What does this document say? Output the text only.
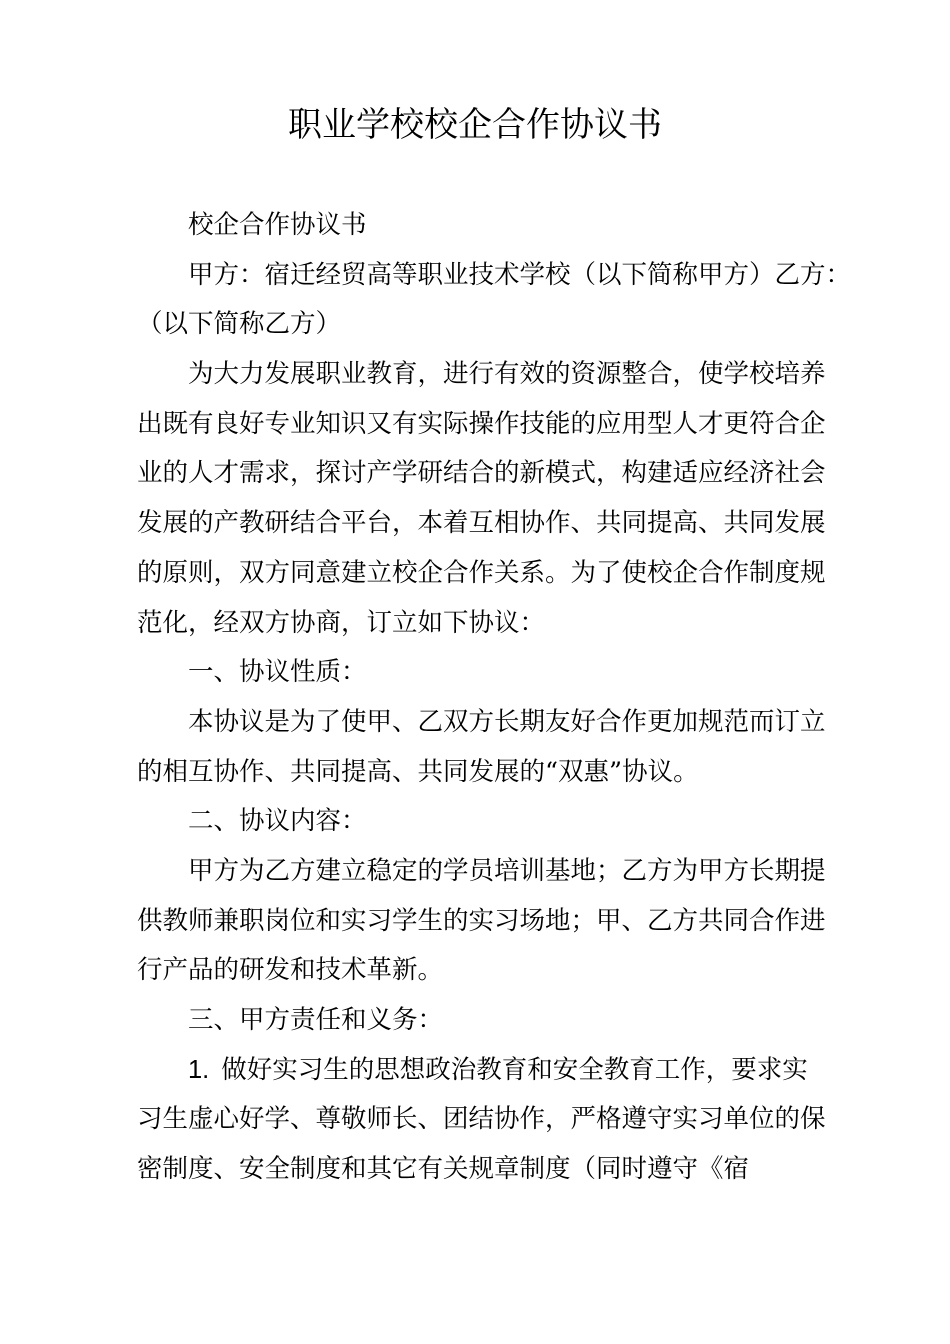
职业学校校企合作协议书
校企合作协议书
甲方：宿迁经贸高等职业技术学校（以下简称甲方）乙方：
（以下简称乙方）
为大力发展职业教育，进行有效的资源整合，使学校培养
出既有良好专业知识又有实际操作技能的应用型人才更符合企
业的人才需求，探讨产学研结合的新模式，构建适应经济社会
发展的产教研结合平台，本着互相协作、共同提高、共同发展
的原则，双方同意建立校企合作关系。为了使校企合作制度规
范化，经双方协商，订立如下协议：
一、协议性质：
本协议是为了使甲、乙双方长期友好合作更加规范而订立
的相互协作、共同提高、共同发展的“双惠”协议。
二、协议内容：
甲方为乙方建立稳定的学员培训基地；乙方为甲方长期提
供教师兼职岗位和实习学生的实习场地；甲、乙方共同合作进
行产品的研发和技术革新。
三、甲方责任和义务：
1. 做好实习生的思想政治教育和安全教育工作，要求实
习生虚心好学、尊敬师长、团结协作，严格遵守实习单位的保
密制度、安全制度和其它有关规章制度（同时遵守《宿
